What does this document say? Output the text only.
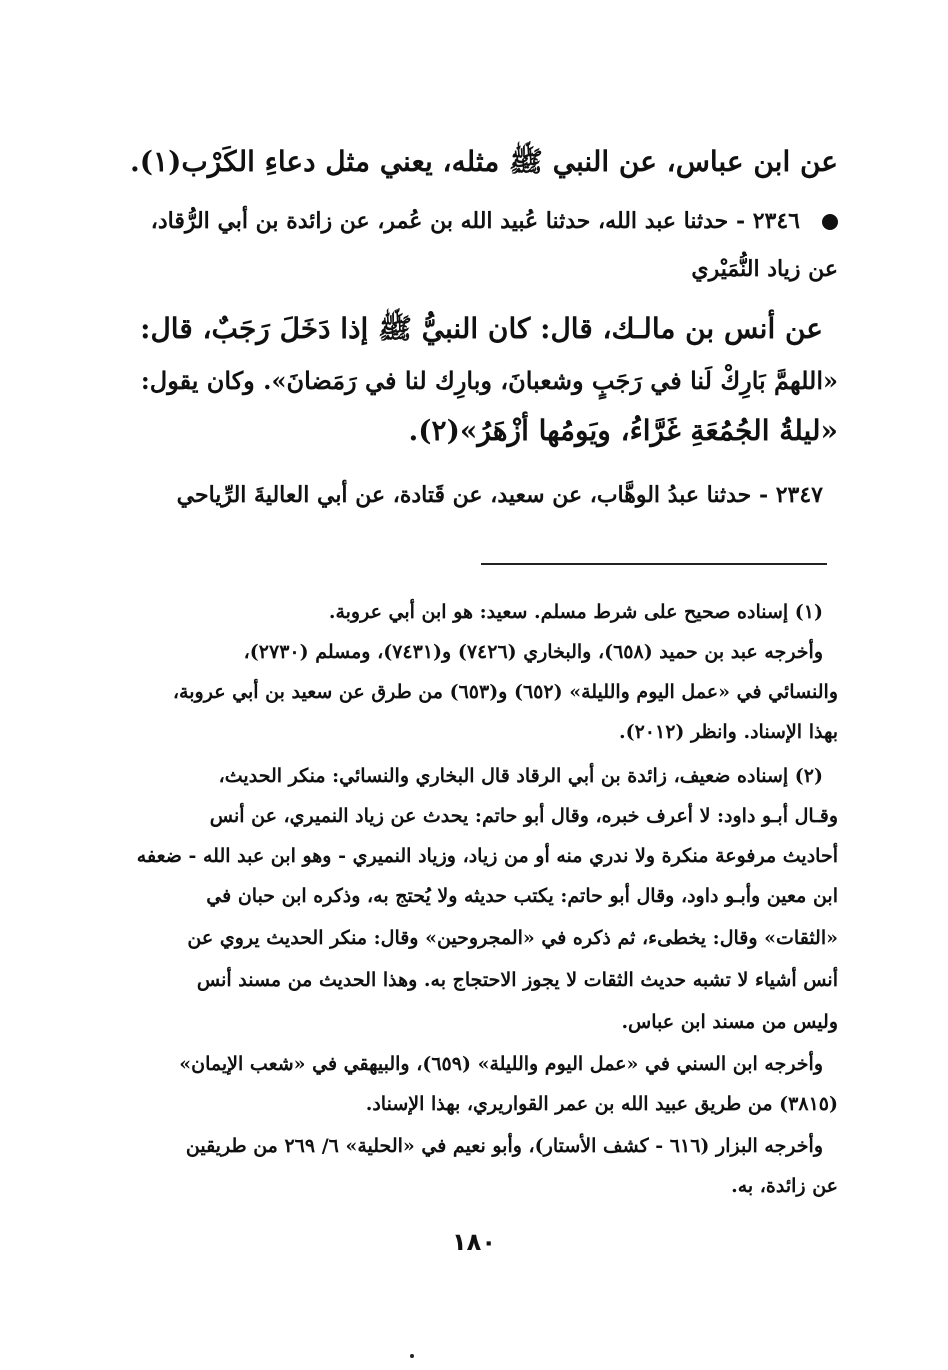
عن ابن عباس، عن النبي ﷺ مثله، يعني مثل دعاءِ الكَرْب(١).
٢٣٤٦ - حدثنا عبد الله، حدثنا عُبيد الله بن عُمر، عن زائدة بن أبي الرُّقاد،
عن زياد النُّمَيْري
عن أنس بن مالـك، قال: كان النبيُّ ﷺ إذا دَخَلَ رَجَبٌ، قال:
«اللهمَّ بَارِكْ لَنا في رَجَبٍ وشعبانَ، وبارِك لنا في رَمَضانَ». وكان يقول:
«ليلةُ الجُمُعَةِ غَرَّاءُ، ويَومُها أزْهَرُ»(٢).
٢٣٤٧ - حدثنا عبدُ الوهَّاب، عن سعيد، عن قَتادة، عن أبي العاليةَ الرِّياحي
(١) إسناده صحيح على شرط مسلم. سعيد: هو ابن أبي عروبة.
وأخرجه عبد بن حميد (٦٥٨)، والبخاري (٧٤٢٦) و(٧٤٣١)، ومسلم (٢٧٣٠)،
والنسائي في «عمل اليوم والليلة» (٦٥٢) و(٦٥٣) من طرق عن سعيد بن أبي عروبة،
بهذا الإسناد. وانظر (٢٠١٢).
(٢) إسناده ضعيف، زائدة بن أبي الرقاد قال البخاري والنسائي: منكر الحديث،
وقـال أبـو داود: لا أعرف خبره، وقال أبو حاتم: يحدث عن زياد النميري، عن أنس
أحاديث مرفوعة منكرة ولا ندري منه أو من زياد، وزياد النميري - وهو ابن عبد الله - ضعفه
ابن معين وأبـو داود، وقال أبو حاتم: يكتب حديثه ولا يُحتج به، وذكره ابن حبان في
«الثقات» وقال: يخطىء، ثم ذكره في «المجروحين» وقال: منكر الحديث يروي عن
أنس أشياء لا تشبه حديث الثقات لا يجوز الاحتجاج به. وهذا الحديث من مسند أنس
وليس من مسند ابن عباس.
وأخرجه ابن السني في «عمل اليوم والليلة» (٦٥٩)، والبيهقي في «شعب الإيمان»
(٣٨١٥) من طريق عبيد الله بن عمر القواريري، بهذا الإسناد.
وأخرجه البزار (٦١٦ - كشف الأستار)، وأبو نعيم في «الحلية» ٦/ ٢٦٩ من طريقين
عن زائدة، به.
١٨٠
